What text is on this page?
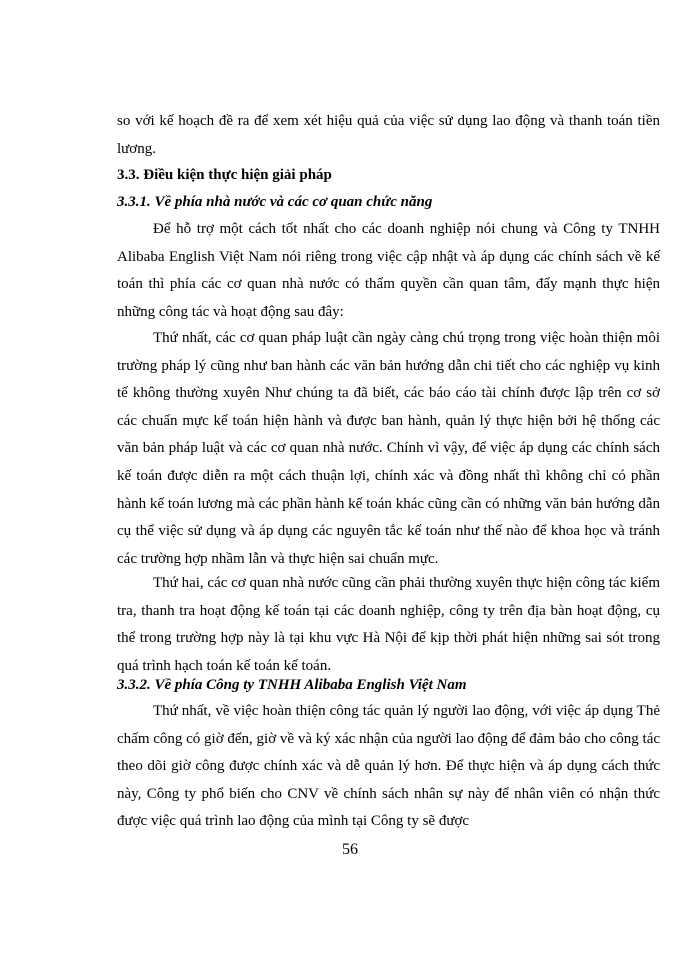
so với kế hoạch đề ra để xem xét hiệu quả của việc sử dụng lao động và thanh toán tiền lương.

3.3. Điều kiện thực hiện giải pháp

3.3.1. Về phía nhà nước và các cơ quan chức năng

Để hỗ trợ một cách tốt nhất cho các doanh nghiệp nói chung và Công ty TNHH Alibaba English Việt Nam nói riêng trong việc cập nhật và áp dụng các chính sách về kế toán thì phía các cơ quan nhà nước có thẩm quyền cần quan tâm, đẩy mạnh thực hiện những công tác và hoạt động sau đây:

Thứ nhất, các cơ quan pháp luật cần ngày càng chú trọng trong việc hoàn thiện môi trường pháp lý cũng như ban hành các văn bản hướng dẫn chi tiết cho các nghiệp vụ kinh tế không thường xuyên Như chúng ta đã biết, các báo cáo tài chính được lập trên cơ sở các chuẩn mực kế toán hiện hành và được ban hành, quản lý thực hiện bởi hệ thống các văn bản pháp luật và các cơ quan nhà nước. Chính vì vậy, để việc áp dụng các chính sách kế toán được diễn ra một cách thuận lợi, chính xác và đồng nhất thì không chỉ có phần hành kế toán lương mà các phần hành kế toán khác cũng cần có những văn bản hướng dẫn cụ thể việc sử dụng và áp dụng các nguyên tắc kế toán như thế nào để khoa học và tránh các trường hợp nhầm lẫn và thực hiện sai chuẩn mực.

Thứ hai, các cơ quan nhà nước cũng cần phải thường xuyên thực hiện công tác kiểm tra, thanh tra hoạt động kế toán tại các doanh nghiệp, công ty trên địa bàn hoạt động, cụ thể trong trường hợp này là tại khu vực Hà Nội để kịp thời phát hiện những sai sót trong quá trình hạch toán kế toán kế toán.

3.3.2. Về phía Công ty TNHH Alibaba English Việt Nam

Thứ nhất, về việc hoàn thiện công tác quản lý người lao động, với việc áp dụng Thẻ chấm công có giờ đến, giờ về và ký xác nhận của người lao động để đảm bảo cho công tác theo dõi giờ công được chính xác và dễ quản lý hơn. Để thực hiện và áp dụng cách thức này, Công ty phổ biến cho CNV về chính sách nhân sự này để nhân viên có nhận thức được việc quá trình lao động của mình tại Công ty sẽ được

56
